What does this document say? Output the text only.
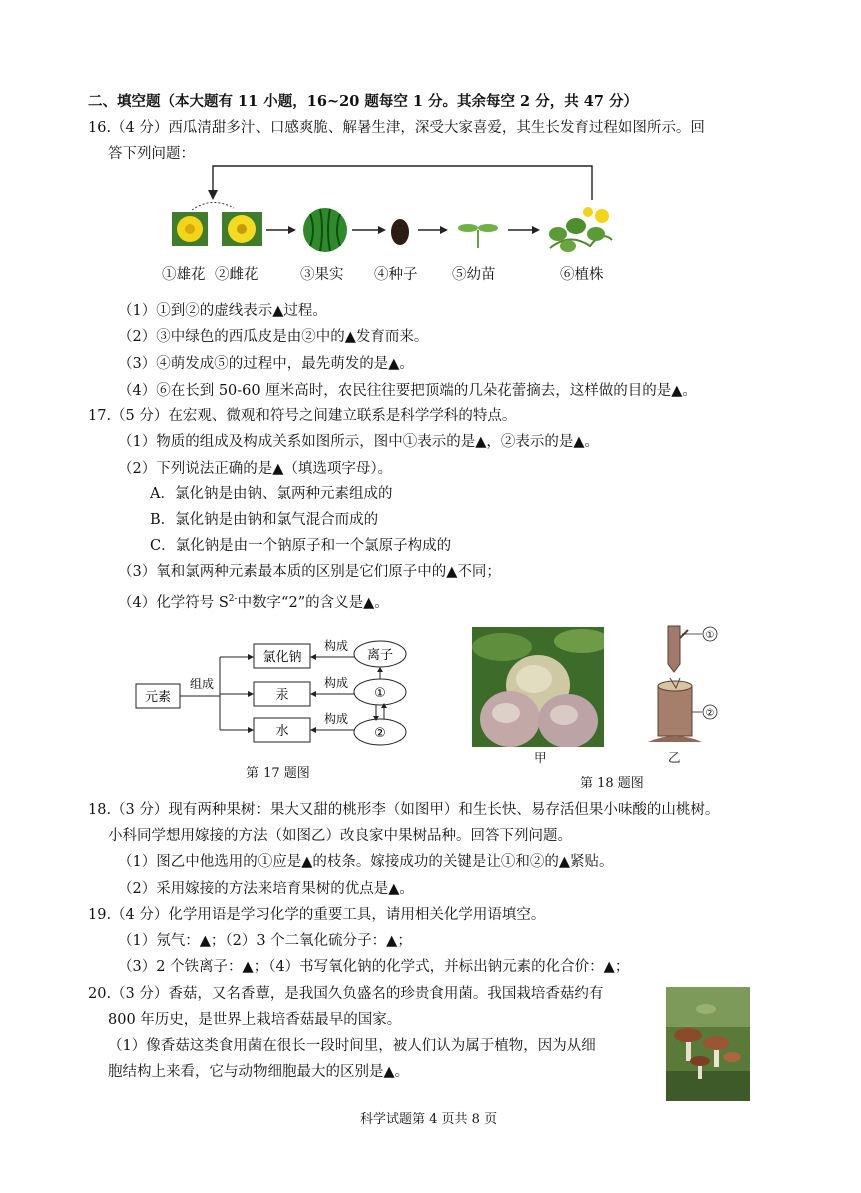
二、填空题（本大题有 11 小题，16~20 题每空 1 分。其余每空 2 分，共 47 分）
16.（4 分）西瓜清甜多汁、口感爽脆、解暑生津，深受大家喜爱，其生长发育过程如图所示。回
答下列问题：
①雄花 ②雌花	③果实 ④种子 ⑤幼苗	⑥植株
（1）①到②的虚线表示▲过程。
（2）③中绿色的西瓜皮是由②中的▲发育而来。
（3）④萌发成⑤的过程中，最先萌发的是▲。
（4）⑥在长到 50-60 厘米高时，农民往往要把顶端的几朵花蕾摘去，这样做的目的是▲。
17.（5 分）在宏观、微观和符号之间建立联系是科学学科的特点。
（1）物质的组成及构成关系如图所示，图中①表示的是▲，②表示的是▲。
（2）下列说法正确的是▲（填选项字母）。
A．氯化钠是由钠、氯两种元素组成的
B．氯化钠是由钠和氯气混合而成的
C．氯化钠是由一个钠原子和一个氯原子构成的
（3）氧和氯两种元素最本质的区别是它们原子中的▲不同；
（4）化学符号 $S^{2-}$中数字“2”的含义是▲。
元素
组成
氯化钠
汞
水
构成
构成
构成
离子
①
②
第 17 题图
甲
①
②
乙
第 18 题图
18.（3 分）现有两种果树：果大又甜的桃形李（如图甲）和生长快、易存活但果小味酸的山桃树。
小科同学想用嫁接的方法（如图乙）改良家中果树品种。回答下列问题。
（1）图乙中他选用的①应是▲的枝条。嫁接成功的关键是让①和②的▲紧贴。
（2）采用嫁接的方法来培育果树的优点是▲。
19.（4 分）化学用语是学习化学的重要工具，请用相关化学用语填空。
（1）氖气：▲；（2）3 个二氧化硫分子：▲；
（3）2 个铁离子：▲；（4）书写氧化钠的化学式，并标出钠元素的化合价：▲；
20.（3 分）香菇，又名香蕈，是我国久负盛名的珍贵食用菌。我国栽培香菇约有
800 年历史，是世界上栽培香菇最早的国家。
（1）像香菇这类食用菌在很长一段时间里，被人们认为属于植物，因为从细
胞结构上来看，它与动物细胞最大的区别是▲。
科学试题第 4 页共 8 页
